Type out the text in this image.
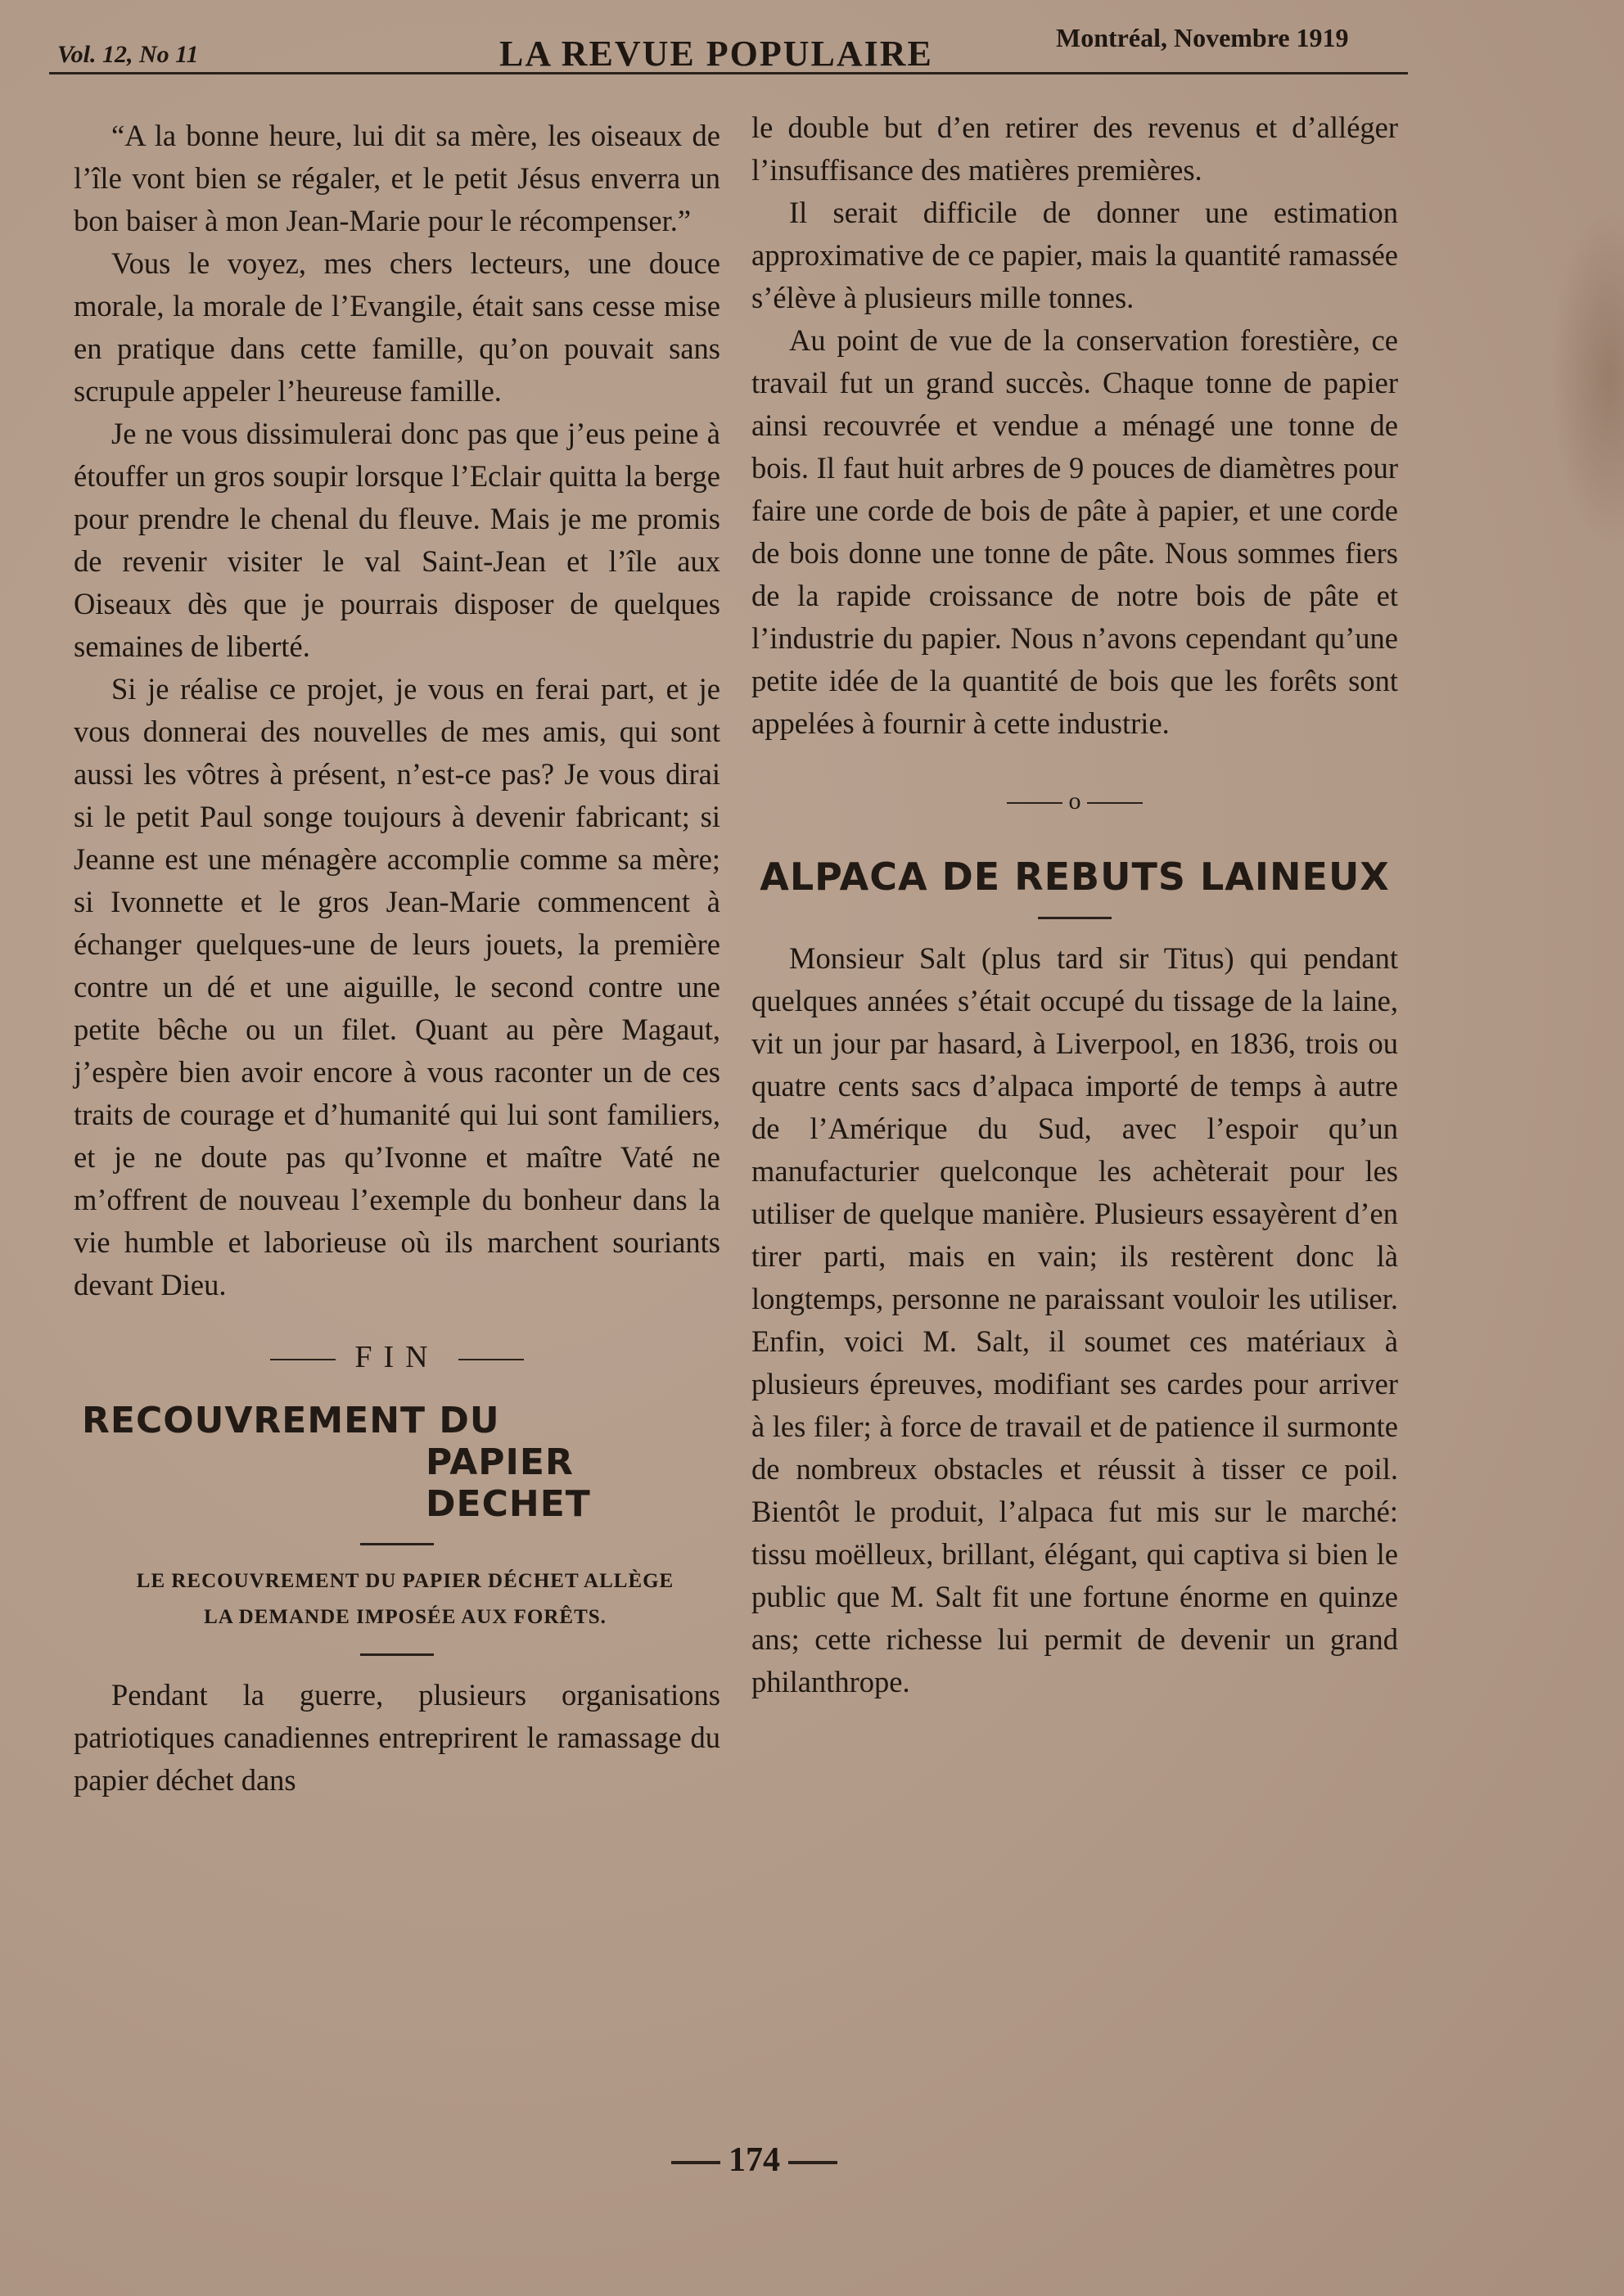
Vol. 12, No 11	LA REVUE POPULAIRE	Montréal, Novembre 1919

“A la bonne heure, lui dit sa mère, les oiseaux de l’île vont bien se régaler, et le petit Jésus enverra un bon baiser à mon Jean-Marie pour le récompenser.”

Vous le voyez, mes chers lecteurs, une douce morale, la morale de l’Evangile, était sans cesse mise en pratique dans cette famille, qu’on pouvait sans scrupule appeler l’heureuse famille.

Je ne vous dissimulerai donc pas que j’eus peine à étouffer un gros soupir lorsque l’Eclair quitta la berge pour prendre le chenal du fleuve. Mais je me promis de revenir visiter le val Saint-Jean et l’île aux Oiseaux dès que je pourrais disposer de quelques semaines de liberté.

Si je réalise ce projet, je vous en ferai part, et je vous donnerai des nouvelles de mes amis, qui sont aussi les vôtres à présent, n’est-ce pas? Je vous dirai si le petit Paul songe toujours à devenir fabricant; si Jeanne est une ménagère accomplie comme sa mère; si Ivonnette et le gros Jean-Marie commencent à échanger quelques-une de leurs jouets, la première contre un dé et une aiguille, le second contre une petite bêche ou un filet. Quant au père Magaut, j’espère bien avoir encore à vous raconter un de ces traits de courage et d’humanité qui lui sont familiers, et je ne doute pas qu’Ivonne et maître Vaté ne m’offrent de nouveau l’exemple du bonheur dans la vie humble et laborieuse où ils marchent souriants devant Dieu.

FIN
RECOUVREMENT DU
PAPIER DECHET
LE RECOUVREMENT DU PAPIER DÉCHET ALLÈGE LA DEMANDE IMPOSÉE AUX FORÊTS.

Pendant la guerre, plusieurs organisations patriotiques canadiennes entreprirent le ramassage du papier déchet dans

le double but d’en retirer des revenus et d’alléger l’insuffisance des matières premières.

Il serait difficile de donner une estimation approximative de ce papier, mais la quantité ramassée s’élève à plusieurs mille tonnes.

Au point de vue de la conservation forestière, ce travail fut un grand succès. Chaque tonne de papier ainsi recouvrée et vendue a ménagé une tonne de bois. Il faut huit arbres de 9 pouces de diamètres pour faire une corde de bois de pâte à papier, et une corde de bois donne une tonne de pâte. Nous sommes fiers de la rapide croissance de notre bois de pâte et l’industrie du papier. Nous n’avons cependant qu’une petite idée de la quantité de bois que les forêts sont appelées à fournir à cette industrie.

o
ALPACA DE REBUTS LAINEUX

Monsieur Salt (plus tard sir Titus) qui pendant quelques années s’était occupé du tissage de la laine, vit un jour par hasard, à Liverpool, en 1836, trois ou quatre cents sacs d’alpaca importé de temps à autre de l’Amérique du Sud, avec l’espoir qu’un manufacturier quelconque les achèterait pour les utiliser de quelque manière. Plusieurs essayèrent d’en tirer parti, mais en vain; ils restèrent donc là longtemps, personne ne paraissant vouloir les utiliser. Enfin, voici M. Salt, il soumet ces matériaux à plusieurs épreuves, modifiant ses cardes pour arriver à les filer; à force de travail et de patience il surmonte de nombreux obstacles et réussit à tisser ce poil. Bientôt le produit, l’alpaca fut mis sur le marché: tissu moëlleux, brillant, élégant, qui captiva si bien le public que M. Salt fit une fortune énorme en quinze ans; cette richesse lui permit de devenir un grand philanthrope.

174
